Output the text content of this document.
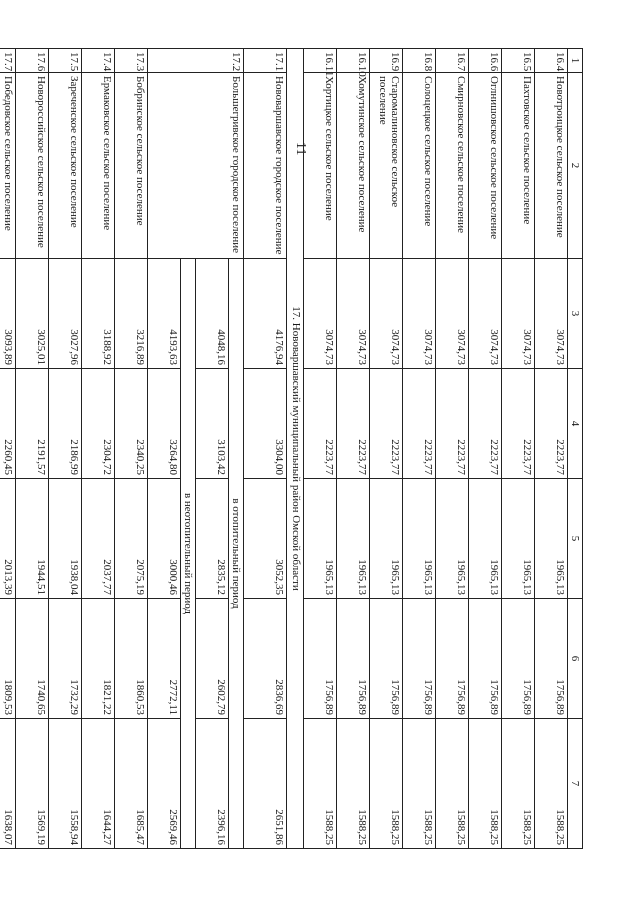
11
1	2	3	4	5	6	7
16.4	Новотроицкое сельское поселение	3074,73	2223,77	1965,13	1756,89	1588,25
16.5	Пахтовское сельское поселение	3074,73	2223,77	1965,13	1756,89	1588,25
16.6	Оглнишовское сельское поселение	3074,73	2223,77	1965,13	1756,89	1588,25
16.7	Смирновское сельское поселение	3074,73	2223,77	1965,13	1756,89	1588,25
16.8	Солоцецкое сельское поселение	3074,73	2223,77	1965,13	1756,89	1588,25
16.9	Старомалиновское сельское поселение	3074,73	2223,77	1965,13	1756,89	1588,25
16.10	Хомутинское сельское поселение	3074,73	2223,77	1965,13	1756,89	1588,25
16.11	Хортицкое сельское поселение	3074,73	2223,77	1965,13	1756,89	1588,25
17. Нововаршавский муниципальный район Омской области						
17.1	Нововаршавское городское поселение	4176,94	3304,00	3052,35	2836,69	2651,86
17.2	Большегривское городское поселение	в отопительный период				
		4048,16	3103,42	2835,12	2602,79	2396,16
		в неотопительный период				
		4193,63	3264,80	3000,46	2772,11	2569,46
17.3	Бобринское сельское поселение	3216,89	2340,25	2075,19	1860,53	1685,47
17.4	Ермаковское сельское поселение	3188,92	2304,72	2037,77	1821,22	1644,27
17.5	Зареченское сельское поселение	3027,96	2186,99	1938,04	1732,29	1558,94
17.6	Новороссийское сельское поселение	3025,01	2191,57	1944,51	1740,65	1569,19
17.7	Победовское сельское поселение	3093,89	2260,45	2013,39	1809,53	1638,07
